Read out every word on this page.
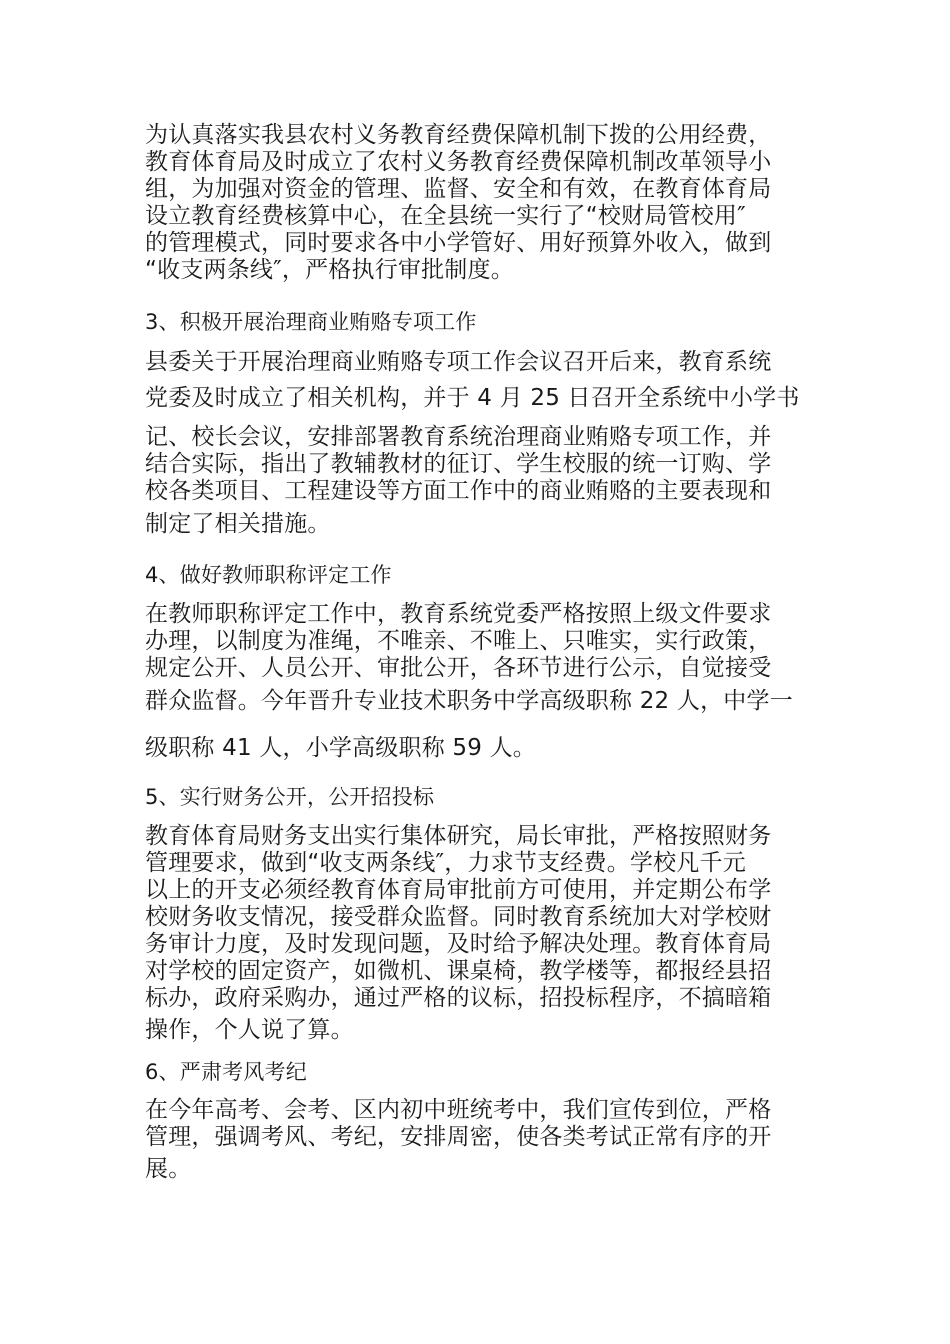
为认真落实我县农村义务教育经费保障机制下拨的公用经费，
教育体育局及时成立了农村义务教育经费保障机制改革领导小
组，为加强对资金的管理、监督、安全和有效，在教育体育局
设立教育经费核算中心，在全县统一实行了“校财局管校用″
的管理模式，同时要求各中小学管好、用好预算外收入，做到
“收支两条线″，严格执行审批制度。
3、积极开展治理商业贿赂专项工作
县委关于开展治理商业贿赂专项工作会议召开后来，教育系统
党委及时成立了相关机构，并于 4 月 25 日召开全系统中小学书
记、校长会议，安排部署教育系统治理商业贿赂专项工作，并
结合实际，指出了教辅教材的征订、学生校服的统一订购、学
校各类项目、工程建设等方面工作中的商业贿赂的主要表现和
制定了相关措施。
4、做好教师职称评定工作
在教师职称评定工作中，教育系统党委严格按照上级文件要求
办理，以制度为准绳，不唯亲、不唯上、只唯实，实行政策，
规定公开、人员公开、审批公开，各环节进行公示，自觉接受
群众监督。今年晋升专业技术职务中学高级职称 22 人，中学一
级职称 41 人，小学高级职称 59 人。
5、实行财务公开，公开招投标
教育体育局财务支出实行集体研究，局长审批，严格按照财务
管理要求，做到“收支两条线″，力求节支经费。学校凡千元
以上的开支必须经教育体育局审批前方可使用，并定期公布学
校财务收支情况，接受群众监督。同时教育系统加大对学校财
务审计力度，及时发现问题，及时给予解决处理。教育体育局
对学校的固定资产，如微机、课桌椅，教学楼等，都报经县招
标办，政府采购办，通过严格的议标，招投标程序，不搞暗箱
操作，个人说了算。
6、严肃考风考纪
在今年高考、会考、区内初中班统考中，我们宣传到位，严格
管理，强调考风、考纪，安排周密，使各类考试正常有序的开
展。
